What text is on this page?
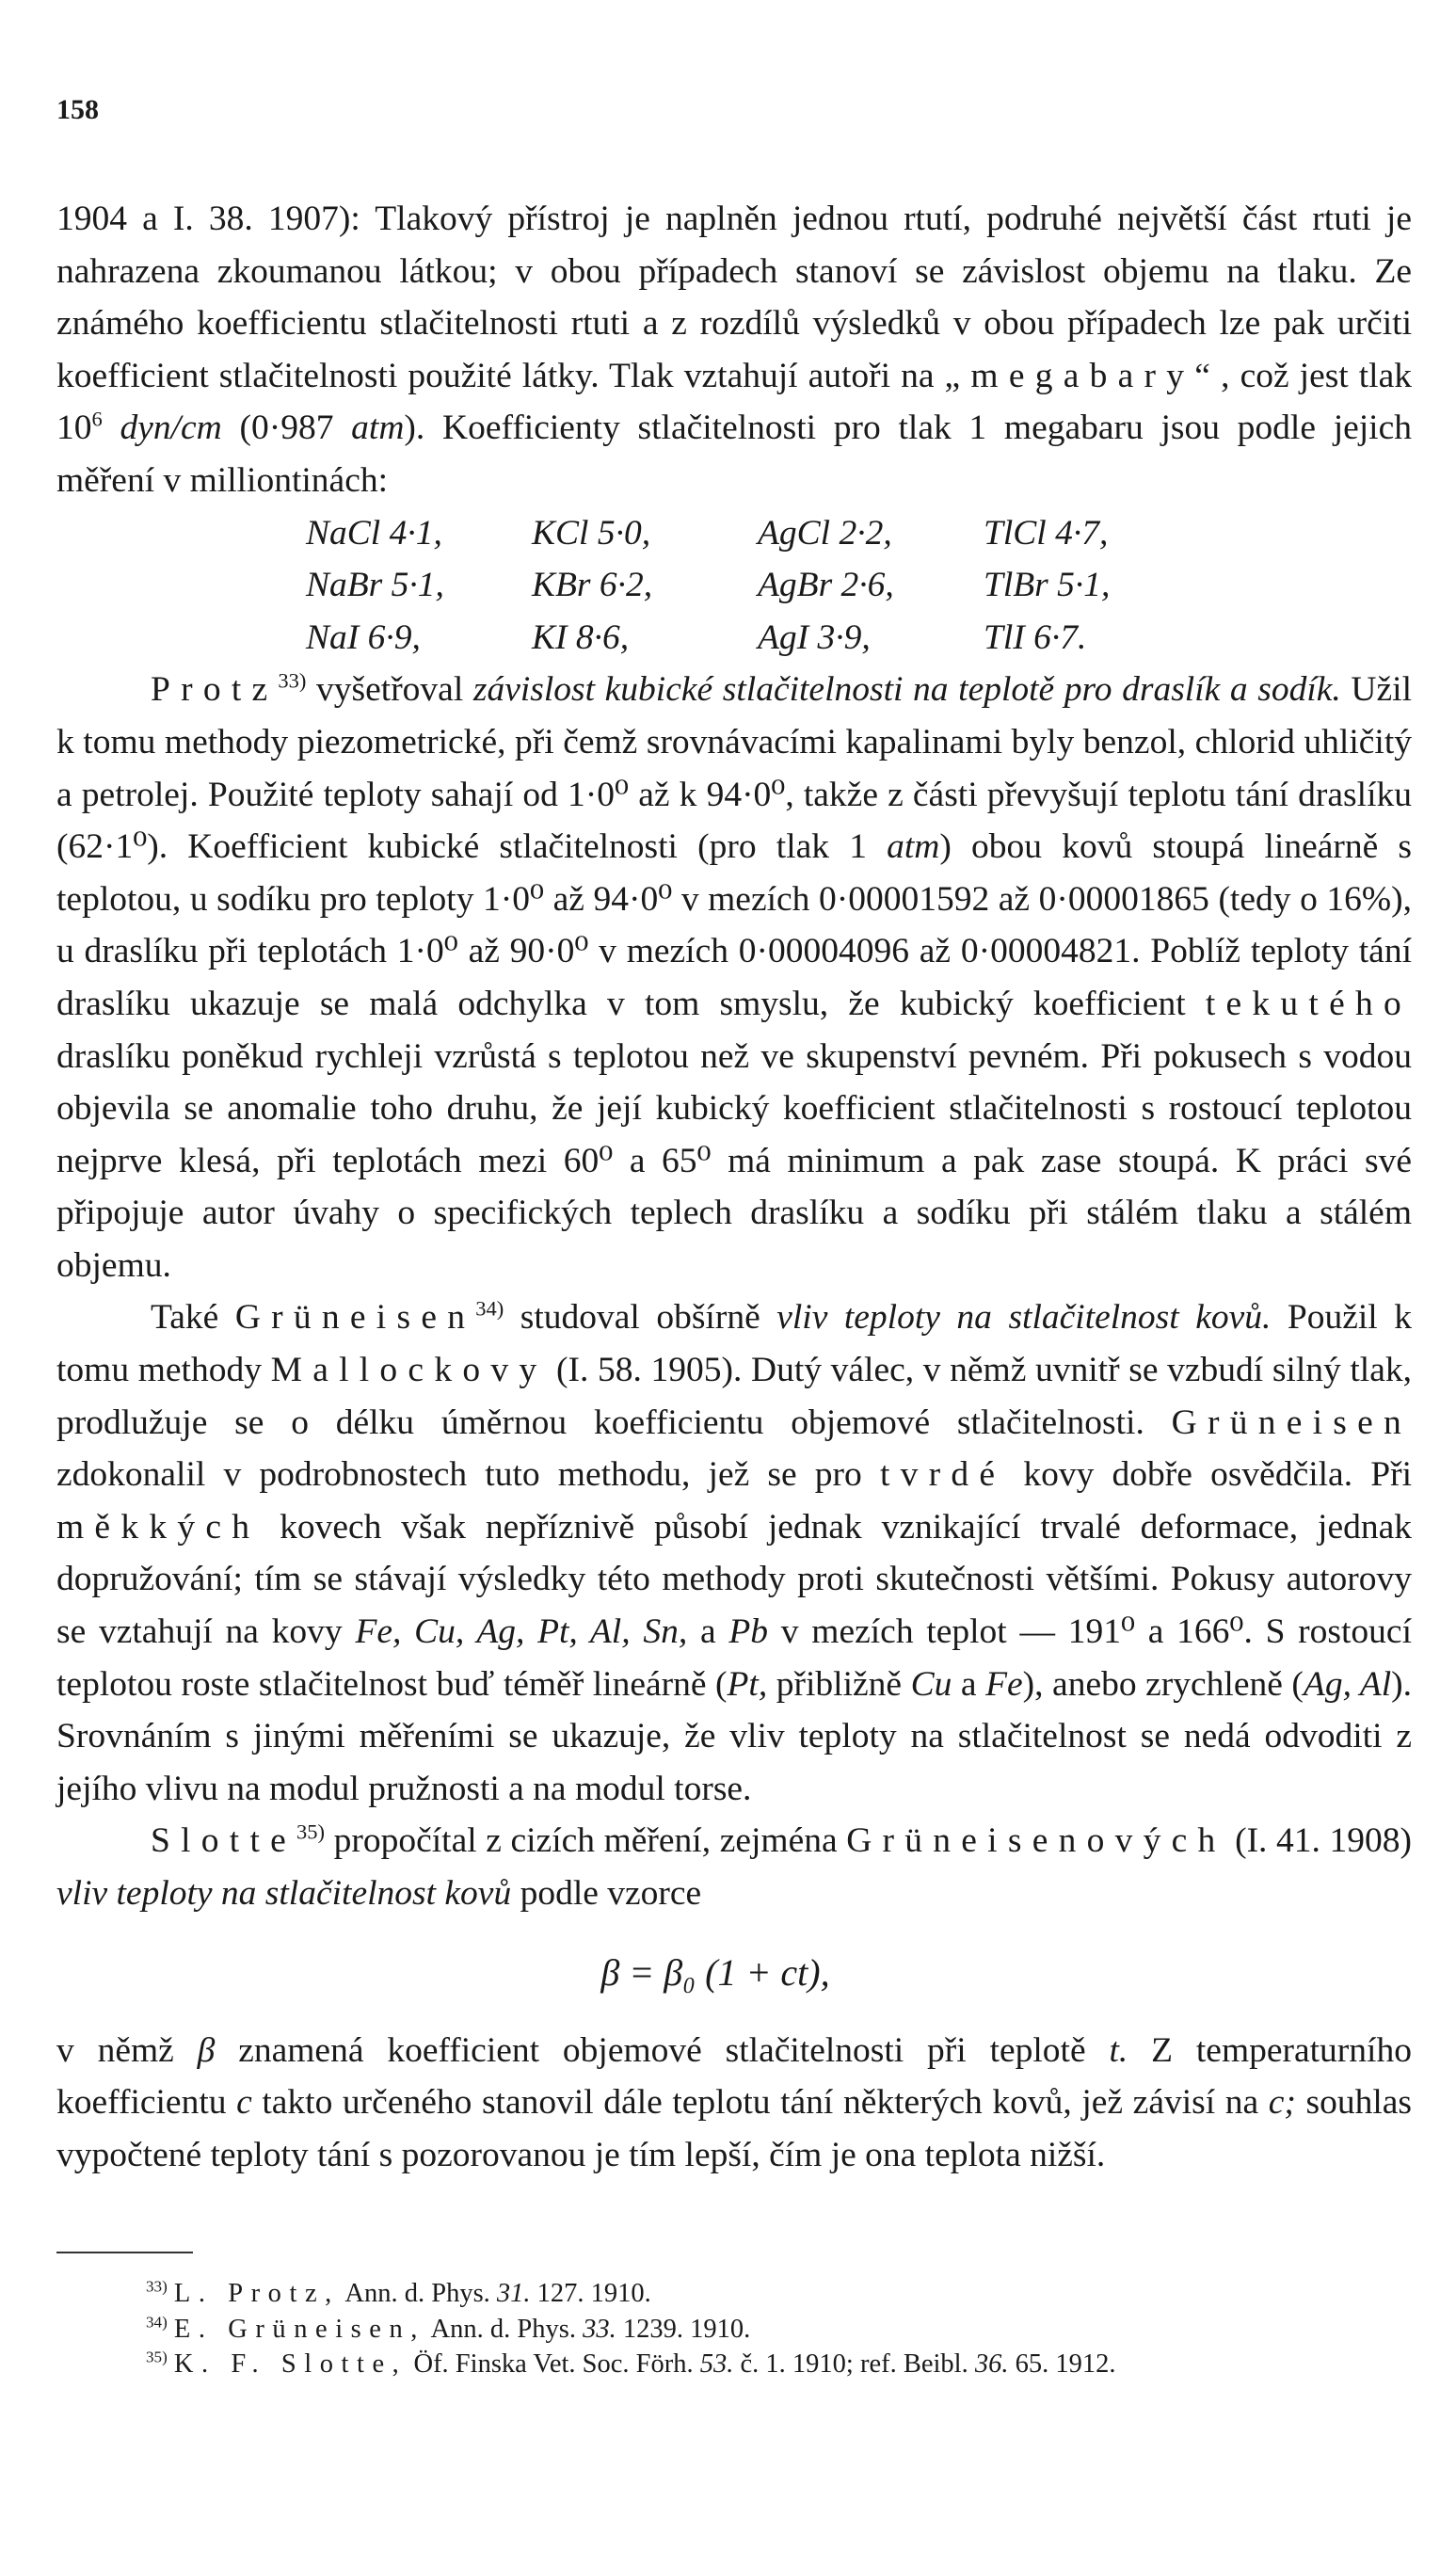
158

1904 a I. 38. 1907): Tlakový přístroj je naplněn jednou rtutí, podruhé největší část rtuti je nahrazena zkoumanou látkou; v obou případech stanoví se závislost objemu na tlaku. Ze známého koefficientu stlačitelnosti rtuti a z rozdílů výsledků v obou případech lze pak určiti koefficient stlačitelnosti použité látky. Tlak vztahují autoři na „megabary“, což jest tlak $10^6$ dyn/cm (0·987 atm). Koefficienty stlačitelnosti pro tlak 1 megabaru jsou podle jejich měření v milliontinách:

NaCl 4·1,	KCl 5·0,	AgCl 2·2,	TlCl 4·7,
NaBr 5·1,	KBr 6·2,	AgBr 2·6,	TlBr 5·1,
NaI 6·9,	KI 8·6,	AgI 3·9,	TlI 6·7.

Protz$^{33)}$ vyšetřoval závislost kubické stlačitelnosti na teplotě pro draslík a sodík. Užil k tomu methody piezometrické, při čemž srovnávacími kapalinami byly benzol, chlorid uhličitý a petrolej. Použité teploty sahají od 1·0⁰ až k 94·0⁰, takže z části převyšují teplotu tání draslíku (62·1⁰). Koefficient kubické stlačitelnosti (pro tlak 1 atm) obou kovů stoupá lineárně s teplotou, u sodíku pro teploty 1·0⁰ až 94·0⁰ v mezích 0·00001592 až 0·00001865 (tedy o 16%), u draslíku při teplotách 1·0⁰ až 90·0⁰ v mezích 0·00004096 až 0·00004821. Poblíž teploty tání draslíku ukazuje se malá odchylka v tom smyslu, že kubický koefficient tekutého draslíku poněkud rychleji vzrůstá s teplotou než ve skupenství pevném. Při pokusech s vodou objevila se anomalie toho druhu, že její kubický koefficient stlačitelnosti s rostoucí teplotou nejprve klesá, při teplotách mezi 60⁰ a 65⁰ má minimum a pak zase stoupá. K práci své připojuje autor úvahy o specifických teplech draslíku a sodíku při stálém tlaku a stálém objemu.

Také Grüneisen$^{34)}$ studoval obšírně vliv teploty na stlačitelnost kovů. Použil k tomu methody Mallockovy (I. 58. 1905). Dutý válec, v němž uvnitř se vzbudí silný tlak, prodlužuje se o délku úměrnou koefficientu objemové stlačitelnosti. Grüneisen zdokonalil v podrobnostech tuto methodu, jež se pro tvrdé kovy dobře osvědčila. Při měkkých kovech však nepříznivě působí jednak vznikající trvalé deformace, jednak dopružování; tím se stávají výsledky této methody proti skutečnosti většími. Pokusy autorovy se vztahují na kovy Fe, Cu, Ag, Pt, Al, Sn, a Pb v mezích teplot — 191⁰ a 166⁰. S rostoucí teplotou roste stlačitelnost buď téměř lineárně (Pt, přibližně Cu a Fe), anebo zrychleně (Ag, Al). Srovnáním s jinými měřeními se ukazuje, že vliv teploty na stlačitelnost se nedá odvoditi z jejího vlivu na modul pružnosti a na modul torse.

Slotte$^{35)}$ propočítal z cizích měření, zejména Grüneisenových (I. 41. 1908) vliv teploty na stlačitelnost kovů podle vzorce

β = β₀ (1 + ct),

v němž β znamená koefficient objemové stlačitelnosti při teplotě t. Z temperaturního koefficientu c takto určeného stanovil dále teplotu tání některých kovů, jež závisí na c; souhlas vypočtené teploty tání s pozorovanou je tím lepší, čím je ona teplota nižší.

$^{33)}$ L. Protz, Ann. d. Phys. 31. 127. 1910.

$^{34)}$ E. Grüneisen, Ann. d. Phys. 33. 1239. 1910.

$^{35)}$ K. F. Slotte, Öf. Finska Vet. Soc. Förh. 53. č. 1. 1910; ref. Beibl. 36. 65. 1912.
